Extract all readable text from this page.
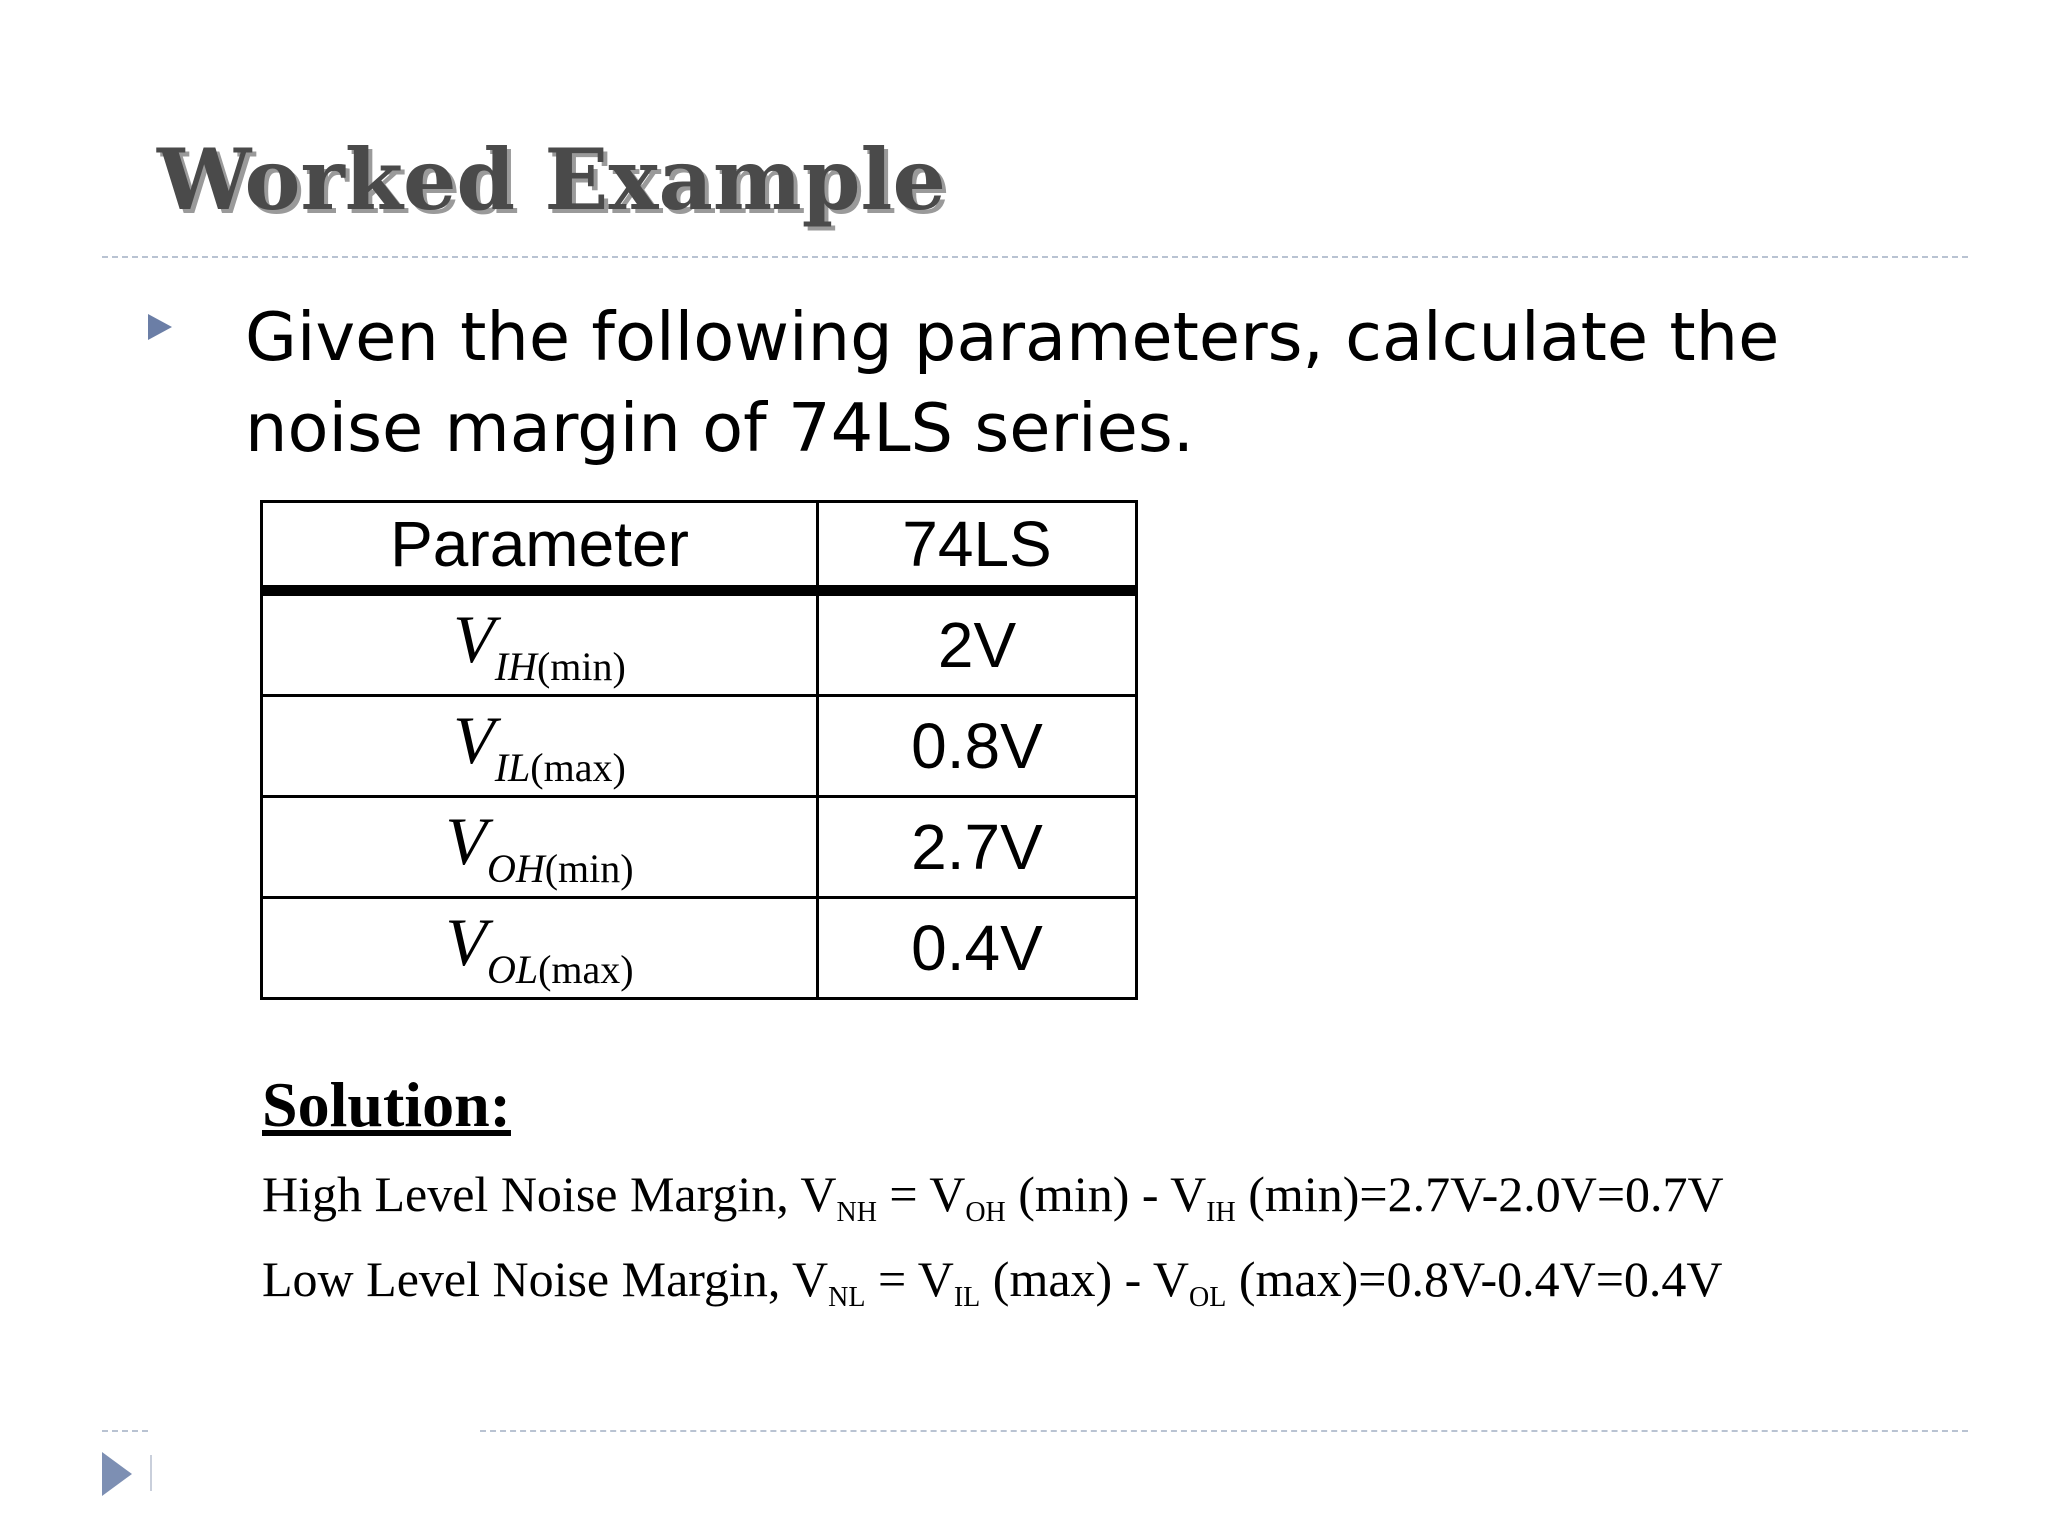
Worked Example

Given the following parameters, calculate the noise margin of 74LS series.

Parameter	74LS
$V_{IH(min)}$	2V
$V_{IL(max)}$	0.8V
$V_{OH(min)}$	2.7V
$V_{OL(max)}$	0.4V
Solution:
High Level Noise Margin, $V_{NH} = V_{OH}$ $(\min) - V_{IH}$ (min)=2.7V-2.0V=0.7V
Low Level Noise Margin, $V_{NL} = V_{IL}$ $(\max) - V_{OL}$ (max)=0.8V-0.4V=0.4V
